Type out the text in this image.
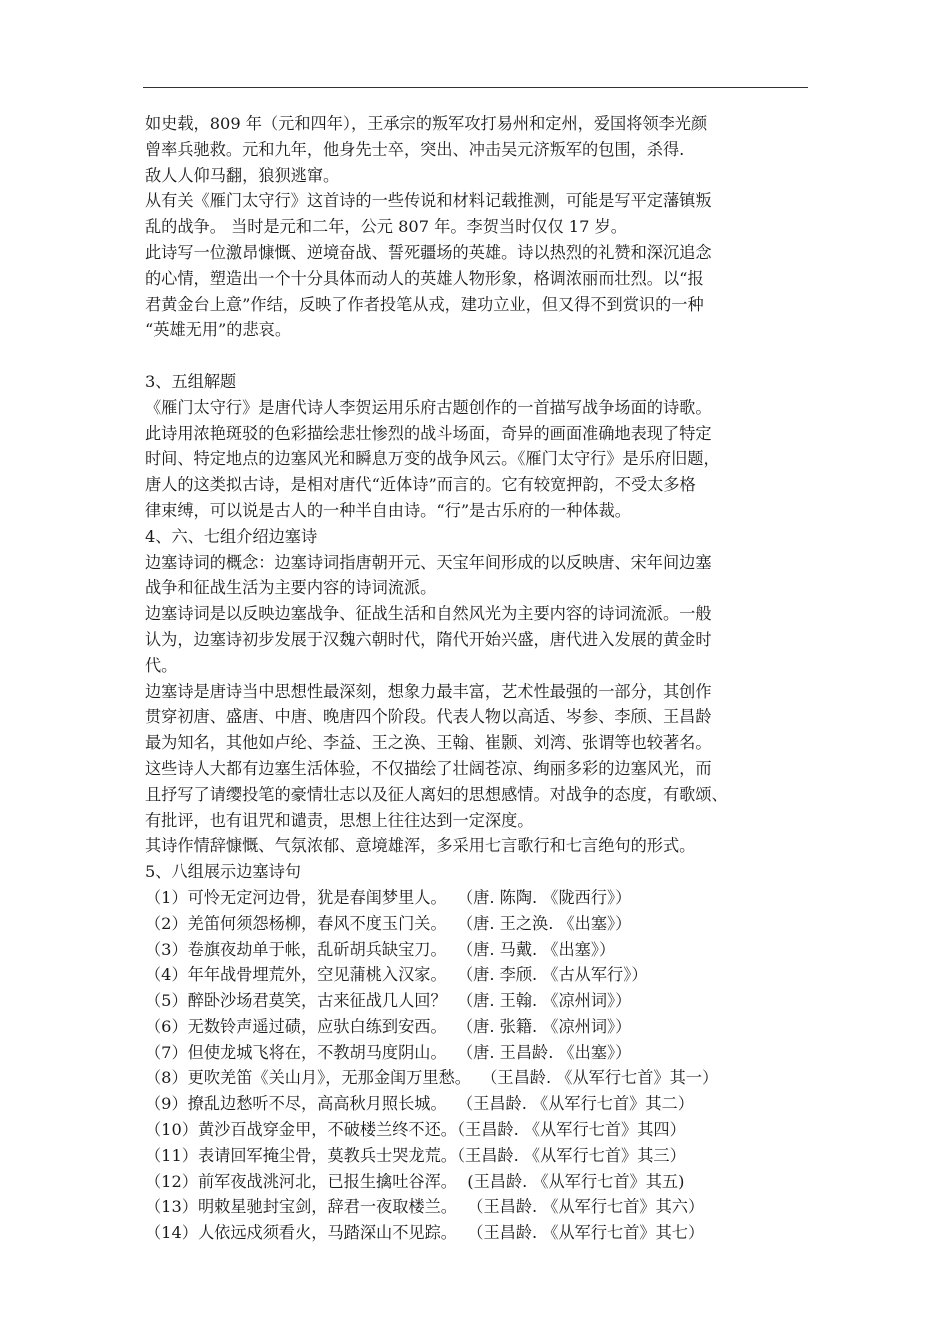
如史载，809 年（元和四年），王承宗的叛军攻打易州和定州，爱国将领李光颜
曾率兵驰救。元和九年，他身先士卒，突出、冲击吴元济叛军的包围，杀得.
敌人人仰马翻，狼狈逃窜。
从有关《雁门太守行》这首诗的一些传说和材料记载推测，可能是写平定藩镇叛
乱的战争。 当时是元和二年，公元 807 年。李贺当时仅仅 17 岁。
此诗写一位激昂慷慨、逆境奋战、誓死疆场的英雄。诗以热烈的礼赞和深沉追念
的心情，塑造出一个十分具体而动人的英雄人物形象，格调浓丽而壮烈。以“报
君黄金台上意”作结，反映了作者投笔从戎，建功立业，但又得不到赏识的一种
“英雄无用”的悲哀。
3、五组解题
《雁门太守行》是唐代诗人李贺运用乐府古题创作的一首描写战争场面的诗歌。
此诗用浓艳斑驳的色彩描绘悲壮惨烈的战斗场面，奇异的画面准确地表现了特定
时间、特定地点的边塞风光和瞬息万变的战争风云。《雁门太守行》是乐府旧题，
唐人的这类拟古诗，是相对唐代“近体诗”而言的。它有较宽押韵，不受太多格
律束缚，可以说是古人的一种半自由诗。“行”是古乐府的一种体裁。
4、六、七组介绍边塞诗
边塞诗词的概念：边塞诗词指唐朝开元、天宝年间形成的以反映唐、宋年间边塞
战争和征战生活为主要内容的诗词流派。
边塞诗词是以反映边塞战争、征战生活和自然风光为主要内容的诗词流派。一般
认为，边塞诗初步发展于汉魏六朝时代，隋代开始兴盛，唐代进入发展的黄金时
代。
边塞诗是唐诗当中思想性最深刻，想象力最丰富，艺术性最强的一部分，其创作
贯穿初唐、盛唐、中唐、晚唐四个阶段。代表人物以高适、岑参、李颀、王昌龄
最为知名，其他如卢纶、李益、王之涣、王翰、崔颢、刘湾、张谓等也较著名。
这些诗人大都有边塞生活体验，不仅描绘了壮阔苍凉、绚丽多彩的边塞风光，而
且抒写了请缨投笔的豪情壮志以及征人离妇的思想感情。对战争的态度，有歌颂、
有批评，也有诅咒和谴责，思想上往往达到一定深度。
其诗作情辞慷慨、气氛浓郁、意境雄浑，多采用七言歌行和七言绝句的形式。
5、八组展示边塞诗句
（1）可怜无定河边骨，犹是春闺梦里人。  （唐. 陈陶. 《陇西行》）
（2）羌笛何须怨杨柳，春风不度玉门关。  （唐. 王之涣. 《出塞》）
（3）卷旗夜劫单于帐，乱斫胡兵缺宝刀。  （唐. 马戴. 《出塞》）
（4）年年战骨埋荒外，空见蒲桃入汉家。  （唐. 李颀. 《古从军行》）
（5）醉卧沙场君莫笑，古来征战几人回？  （唐. 王翰. 《凉州词》）
（6）无数铃声遥过碛，应驮白练到安西。  （唐. 张籍. 《凉州词》）
（7）但使龙城飞将在，不教胡马度阴山。  （唐. 王昌龄. 《出塞》）
（8）更吹羌笛《关山月》，无那金闺万里愁。  （王昌龄. 《从军行七首》其一）
（9）撩乱边愁听不尽，高高秋月照长城。  （王昌龄. 《从军行七首》其二）
（10）黄沙百战穿金甲，不破楼兰终不还。（王昌龄. 《从军行七首》其四）
（11）表请回军掩尘骨，莫教兵士哭龙荒。（王昌龄. 《从军行七首》其三）
（12）前军夜战洮河北，已报生擒吐谷浑。  (王昌龄. 《从军行七首》其五)
（13）明敕星驰封宝剑，辞君一夜取楼兰。  （王昌龄. 《从军行七首》其六）
（14）人依远戍须看火，马踏深山不见踪。  （王昌龄. 《从军行七首》其七）
